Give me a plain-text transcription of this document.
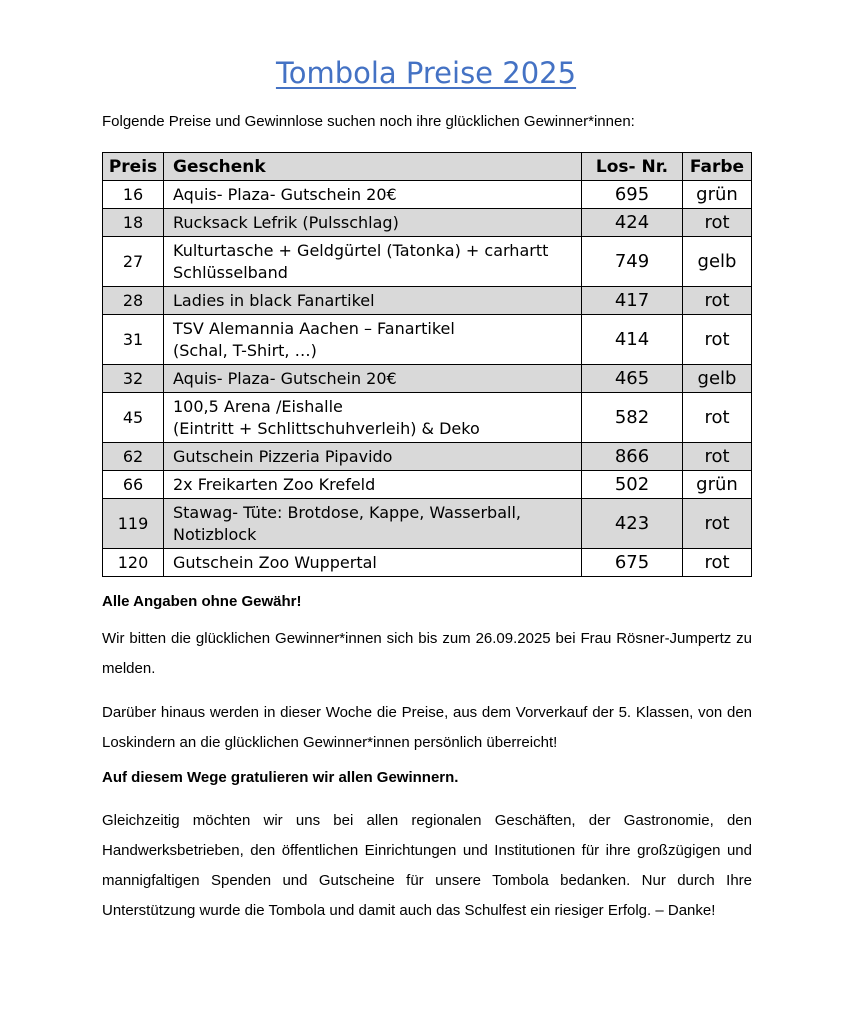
Tombola Preise 2025
Folgende Preise und Gewinnlose suchen noch ihre glücklichen Gewinner*innen:
Preis	Geschenk	Los- Nr.	Farbe
16	Aquis- Plaza- Gutschein 20€	695	grün
18	Rucksack Lefrik (Pulsschlag)	424	rot
27	Kulturtasche + Geldgürtel (Tatonka) + carhartt Schlüsselband	749	gelb
28	Ladies in black Fanartikel	417	rot
31	TSV Alemannia Aachen – Fanartikel
(Schal, T-Shirt, …)	414	rot
32	Aquis- Plaza- Gutschein 20€	465	gelb
45	100,5 Arena /Eishalle
(Eintritt + Schlittschuhverleih) & Deko	582	rot
62	Gutschein Pizzeria Pipavido	866	rot
66	2x Freikarten Zoo Krefeld	502	grün
119	Stawag- Tüte: Brotdose, Kappe, Wasserball, Notizblock	423	rot
120	Gutschein Zoo Wuppertal	675	rot
Alle Angaben ohne Gewähr!
Wir bitten die glücklichen Gewinner*innen sich bis zum 26.09.2025 bei Frau Rösner-Jumpertz zu melden.
Darüber hinaus werden in dieser Woche die Preise, aus dem Vorverkauf der 5. Klassen, von den Loskindern an die glücklichen Gewinner*innen persönlich überreicht!
Auf diesem Wege gratulieren wir allen Gewinnern.
Gleichzeitig möchten wir uns bei allen regionalen Geschäften, der Gastronomie, den Handwerksbetrieben, den öffentlichen Einrichtungen und Institutionen für ihre großzügigen und mannigfaltigen Spenden und Gutscheine für unsere Tombola bedanken. Nur durch Ihre Unterstützung wurde die Tombola und damit auch das Schulfest ein riesiger Erfolg. – Danke!
